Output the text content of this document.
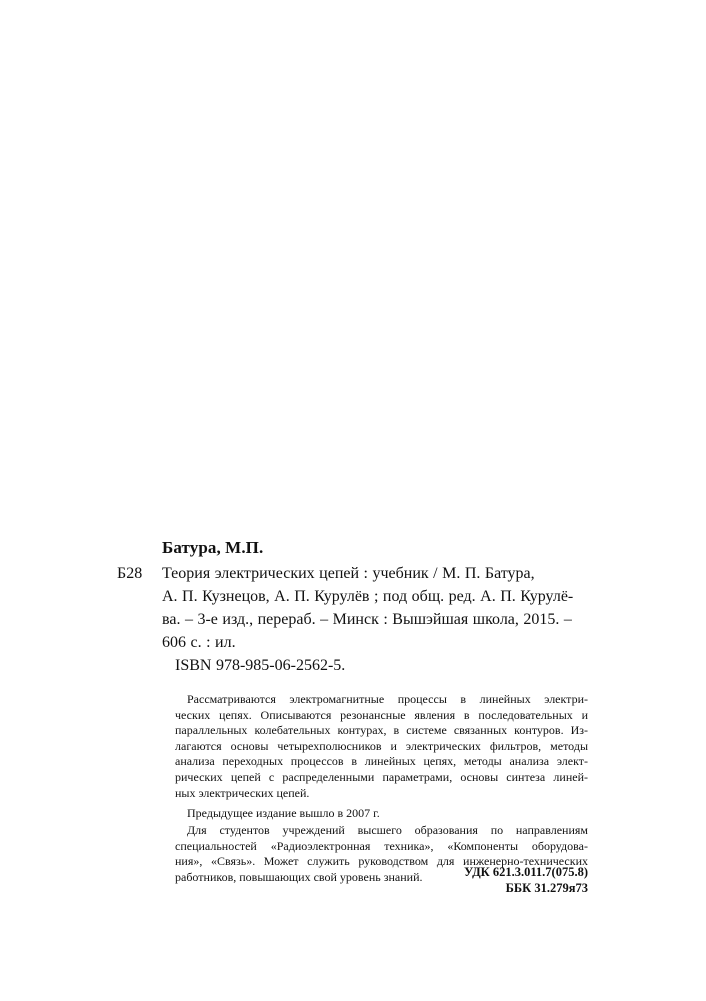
Батура, М.П.
Б28 Теория электрических цепей : учебник / М. П. Батура,
А. П. Кузнецов, А. П. Курулёв ; под общ. ред. А. П. Курулё-
ва. – 3-е изд., перераб. – Минск : Вышэйшая школа, 2015. –
606 с. : ил.
ISBN 978-985-06-2562-5.
Рассматриваются электромагнитные процессы в линейных электри-
ческих цепях. Описываются резонансные явления в последовательных и
параллельных колебательных контурах, в системе связанных контуров. Из-
лагаются основы четырехполюсников и электрических фильтров, методы
анализа переходных процессов в линейных цепях, методы анализа элект-
рических цепей с распределенными параметрами, основы синтеза линей-
ных электрических цепей.
Предыдущее издание вышло в 2007 г.
Для студентов учреждений высшего образования по направлениям
специальностей «Радиоэлектронная техника», «Компоненты оборудова-
ния», «Связь». Может служить руководством для инженерно-технических
работников, повышающих свой уровень знаний.	УДК 621.3.011.7(075.8)
ББК 31.279я73
